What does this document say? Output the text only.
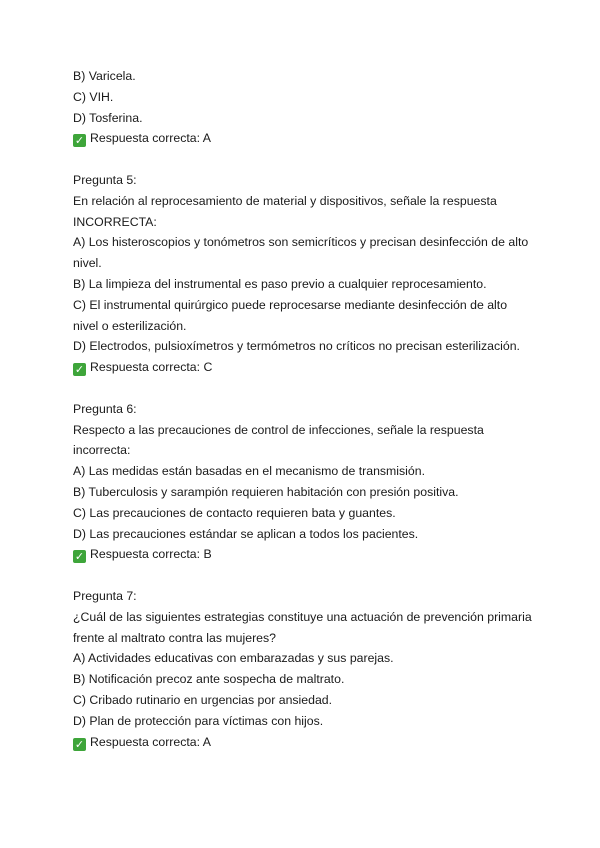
B) Varicela.
C) VIH.
D) Tosferina.
✓ Respuesta correcta: A
Pregunta 5:
En relación al reprocesamiento de material y dispositivos, señale la respuesta
INCORRECTA:
A) Los histeroscopios y tonómetros son semicríticos y precisan desinfección de alto
nivel.
B) La limpieza del instrumental es paso previo a cualquier reprocesamiento.
C) El instrumental quirúrgico puede reprocesarse mediante desinfección de alto
nivel o esterilización.
D) Electrodos, pulsioxímetros y termómetros no críticos no precisan esterilización.
✓ Respuesta correcta: C
Pregunta 6:
Respecto a las precauciones de control de infecciones, señale la respuesta
incorrecta:
A) Las medidas están basadas en el mecanismo de transmisión.
B) Tuberculosis y sarampión requieren habitación con presión positiva.
C) Las precauciones de contacto requieren bata y guantes.
D) Las precauciones estándar se aplican a todos los pacientes.
✓ Respuesta correcta: B
Pregunta 7:
¿Cuál de las siguientes estrategias constituye una actuación de prevención primaria
frente al maltrato contra las mujeres?
A) Actividades educativas con embarazadas y sus parejas.
B) Notificación precoz ante sospecha de maltrato.
C) Cribado rutinario en urgencias por ansiedad.
D) Plan de protección para víctimas con hijos.
✓ Respuesta correcta: A
